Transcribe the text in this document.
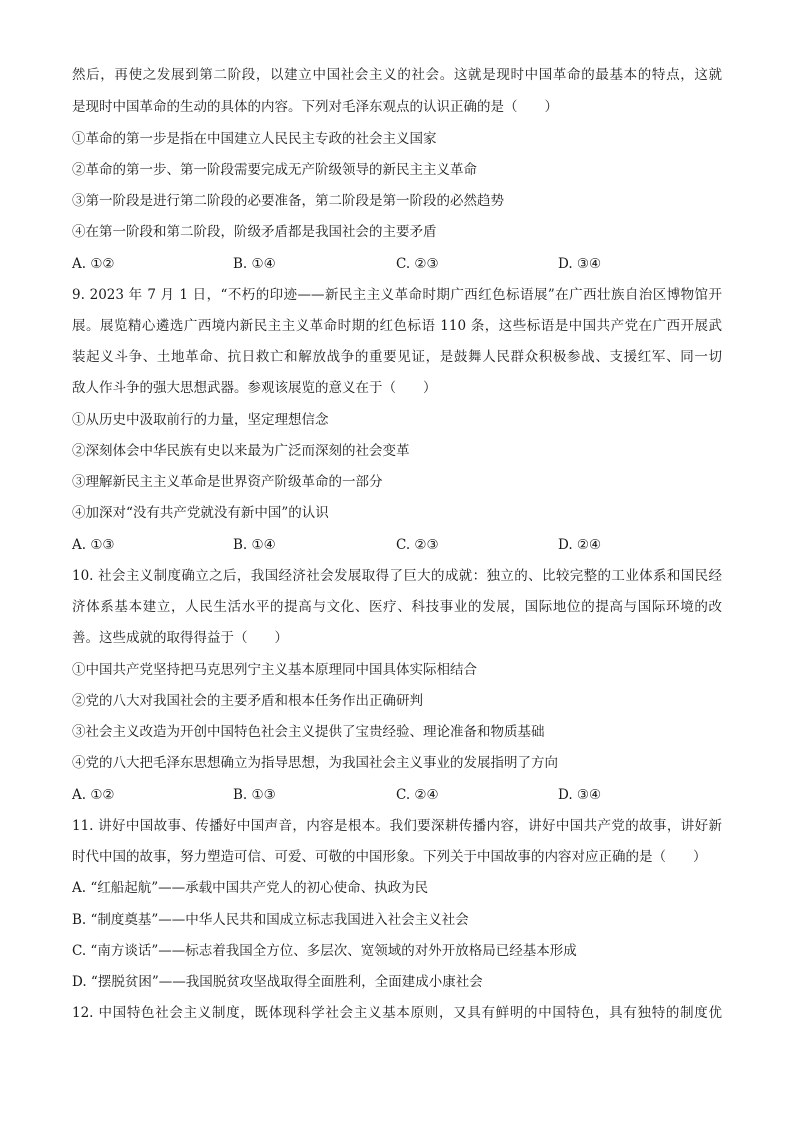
然后，再使之发展到第二阶段，以建立中国社会主义的社会。这就是现时中国革命的最基本的特点，这就
是现时中国革命的生动的具体的内容。下列对毛泽东观点的认识正确的是（　　）
①革命的第一步是指在中国建立人民民主专政的社会主义国家
②革命的第一步、第一阶段需要完成无产阶级领导的新民主主义革命
③第一阶段是进行第二阶段的必要准备，第二阶段是第一阶段的必然趋势
④在第一阶段和第二阶段，阶级矛盾都是我国社会的主要矛盾
A. ①②	B. ①④	C. ②③	D. ③④
9. 2023 年 7 月 1 日，“不朽的印迹——新民主主义革命时期广西红色标语展”在广西壮族自治区博物馆开
展。展览精心遴选广西境内新民主主义革命时期的红色标语 110 条，这些标语是中国共产党在广西开展武
装起义斗争、土地革命、抗日救亡和解放战争的重要见证，是鼓舞人民群众积极参战、支援红军、同一切
敌人作斗争的强大思想武器。参观该展览的意义在于（　　）
①从历史中汲取前行的力量，坚定理想信念
②深刻体会中华民族有史以来最为广泛而深刻的社会变革
③理解新民主主义革命是世界资产阶级革命的一部分
④加深对“没有共产党就没有新中国”的认识
A. ①③	B. ①④	C. ②③	D. ②④
10. 社会主义制度确立之后，我国经济社会发展取得了巨大的成就：独立的、比较完整的工业体系和国民经
济体系基本建立，人民生活水平的提高与文化、医疗、科技事业的发展，国际地位的提高与国际环境的改
善。这些成就的取得得益于（　　）
①中国共产党坚持把马克思列宁主义基本原理同中国具体实际相结合
②党的八大对我国社会的主要矛盾和根本任务作出正确研判
③社会主义改造为开创中国特色社会主义提供了宝贵经验、理论准备和物质基础
④党的八大把毛泽东思想确立为指导思想，为我国社会主义事业的发展指明了方向
A. ①②	B. ①③	C. ②④	D. ③④
11. 讲好中国故事、传播好中国声音，内容是根本。我们要深耕传播内容，讲好中国共产党的故事，讲好新
时代中国的故事，努力塑造可信、可爱、可敬的中国形象。下列关于中国故事的内容对应正确的是（　　）
A. “红船起航”——承载中国共产党人的初心使命、执政为民
B. “制度奠基”——中华人民共和国成立标志我国进入社会主义社会
C. “南方谈话”——标志着我国全方位、多层次、宽领域的对外开放格局已经基本形成
D. “摆脱贫困”——我国脱贫攻坚战取得全面胜利，全面建成小康社会
12. 中国特色社会主义制度，既体现科学社会主义基本原则，又具有鲜明的中国特色，具有独特的制度优
